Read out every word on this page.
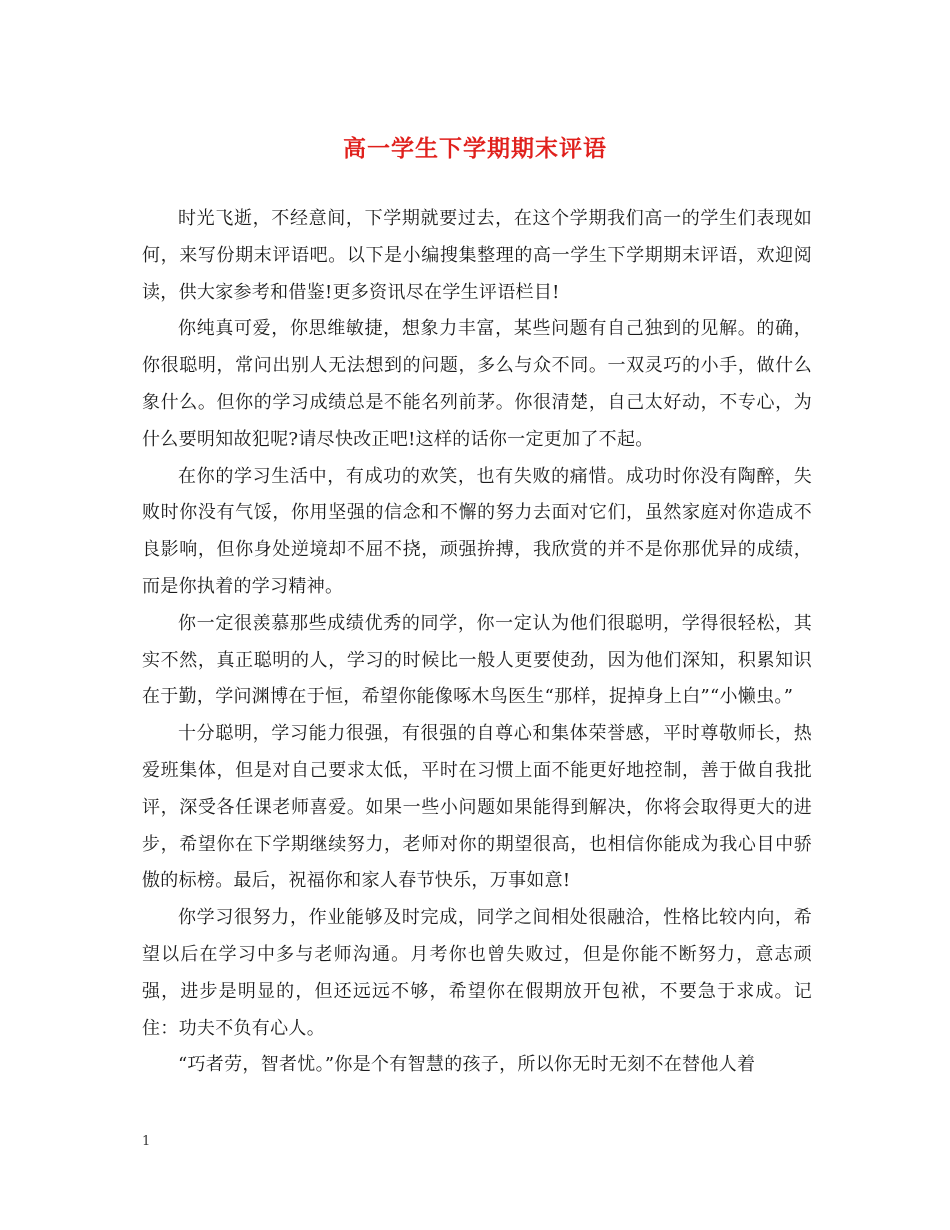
高一学生下学期期末评语

时光飞逝，不经意间，下学期就要过去，在这个学期我们高一的学生们表现如何，来写份期末评语吧。以下是小编搜集整理的高一学生下学期期末评语，欢迎阅读，供大家参考和借鉴!更多资讯尽在学生评语栏目!

你纯真可爱，你思维敏捷，想象力丰富，某些问题有自己独到的见解。的确，你很聪明，常问出别人无法想到的问题，多么与众不同。一双灵巧的小手，做什么象什么。但你的学习成绩总是不能名列前茅。你很清楚，自己太好动，不专心，为什么要明知故犯呢?请尽快改正吧!这样的话你一定更加了不起。

在你的学习生活中，有成功的欢笑，也有失败的痛惜。成功时你没有陶醉，失败时你没有气馁，你用坚强的信念和不懈的努力去面对它们，虽然家庭对你造成不良影响，但你身处逆境却不屈不挠，顽强拚搏，我欣赏的并不是你那优异的成绩，而是你执着的学习精神。

你一定很羡慕那些成绩优秀的同学，你一定认为他们很聪明，学得很轻松，其实不然，真正聪明的人，学习的时候比一般人更要使劲，因为他们深知，积累知识在于勤，学问渊博在于恒，希望你能像啄木鸟医生“那样，捉掉身上白”“小懒虫。”

十分聪明，学习能力很强，有很强的自尊心和集体荣誉感，平时尊敬师长，热爱班集体，但是对自己要求太低，平时在习惯上面不能更好地控制，善于做自我批评，深受各任课老师喜爱。如果一些小问题如果能得到解决，你将会取得更大的进步，希望你在下学期继续努力，老师对你的期望很高，也相信你能成为我心目中骄傲的标榜。最后，祝福你和家人春节快乐，万事如意!

你学习很努力，作业能够及时完成，同学之间相处很融洽，性格比较内向，希望以后在学习中多与老师沟通。月考你也曾失败过，但是你能不断努力，意志顽强，进步是明显的，但还远远不够，希望你在假期放开包袱，不要急于求成。记住：功夫不负有心人。

“巧者劳，智者忧。”你是个有智慧的孩子，所以你无时无刻不在替他人着

1
